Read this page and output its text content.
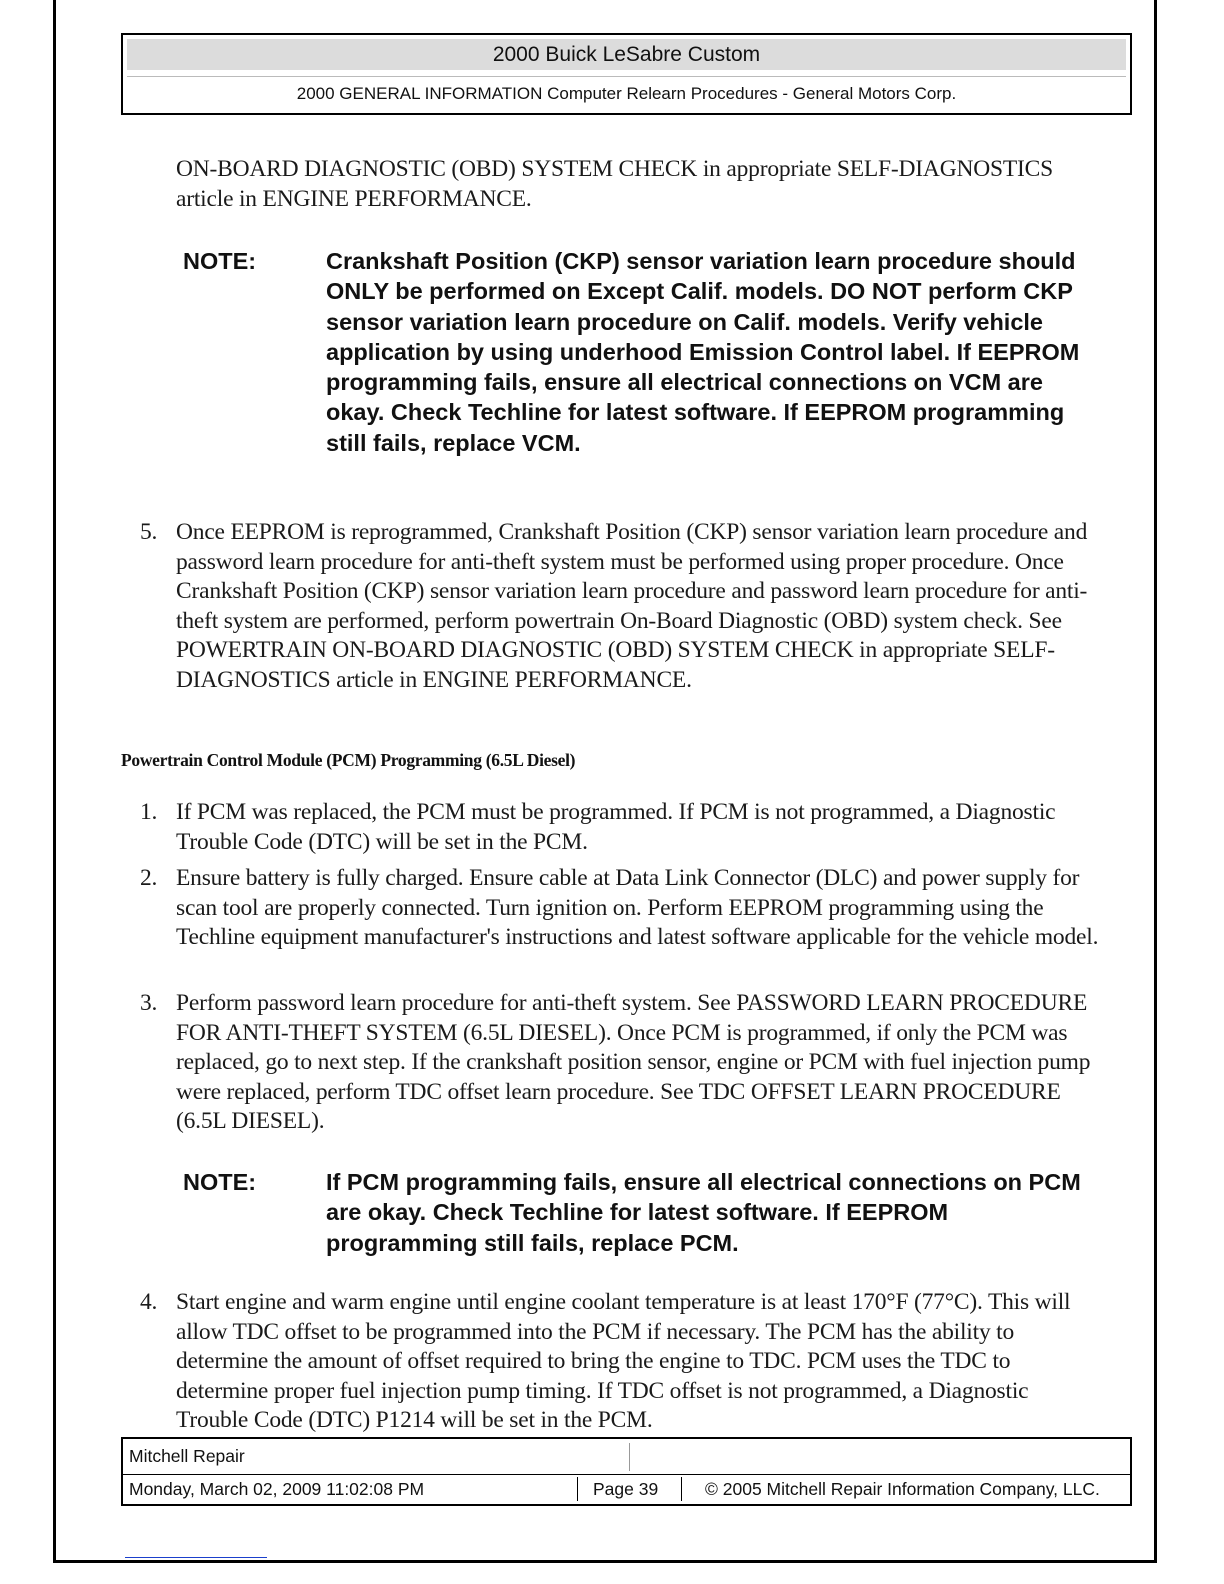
2000 Buick LeSabre Custom
2000 GENERAL INFORMATION Computer Relearn Procedures - General Motors Corp.

ON-BOARD DIAGNOSTIC (OBD) SYSTEM CHECK in appropriate SELF-DIAGNOSTICS article in ENGINE PERFORMANCE.

NOTE:	Crankshaft Position (CKP) sensor variation learn procedure should ONLY be performed on Except Calif. models. DO NOT perform CKP sensor variation learn procedure on Calif. models. Verify vehicle application by using underhood Emission Control label. If EEPROM programming fails, ensure all electrical connections on VCM are okay. Check Techline for latest software. If EEPROM programming still fails, replace VCM.
5. Once EEPROM is reprogrammed, Crankshaft Position (CKP) sensor variation learn procedure and password learn procedure for anti-theft system must be performed using proper procedure. Once Crankshaft Position (CKP) sensor variation learn procedure and password learn procedure for anti-theft system are performed, perform powertrain On-Board Diagnostic (OBD) system check. See POWERTRAIN ON-BOARD DIAGNOSTIC (OBD) SYSTEM CHECK in appropriate SELF-DIAGNOSTICS article in ENGINE PERFORMANCE.
Powertrain Control Module (PCM) Programming (6.5L Diesel)
1. If PCM was replaced, the PCM must be programmed. If PCM is not programmed, a Diagnostic Trouble Code (DTC) will be set in the PCM.
2. Ensure battery is fully charged. Ensure cable at Data Link Connector (DLC) and power supply for scan tool are properly connected. Turn ignition on. Perform EEPROM programming using the Techline equipment manufacturer's instructions and latest software applicable for the vehicle model.
3. Perform password learn procedure for anti-theft system. See PASSWORD LEARN PROCEDURE FOR ANTI-THEFT SYSTEM (6.5L DIESEL). Once PCM is programmed, if only the PCM was replaced, go to next step. If the crankshaft position sensor, engine or PCM with fuel injection pump were replaced, perform TDC offset learn procedure. See TDC OFFSET LEARN PROCEDURE (6.5L DIESEL).
NOTE:	If PCM programming fails, ensure all electrical connections on PCM are okay. Check Techline for latest software. If EEPROM programming still fails, replace PCM.
4. Start engine and warm engine until engine coolant temperature is at least 170°F (77°C). This will allow TDC offset to be programmed into the PCM if necessary. The PCM has the ability to determine the amount of offset required to bring the engine to TDC. PCM uses the TDC to determine proper fuel injection pump timing. If TDC offset is not programmed, a Diagnostic Trouble Code (DTC) P1214 will be set in the PCM.
Mitchell Repair
Monday, March 02, 2009 11:02:08 PM	Page 39	© 2005 Mitchell Repair Information Company, LLC.
